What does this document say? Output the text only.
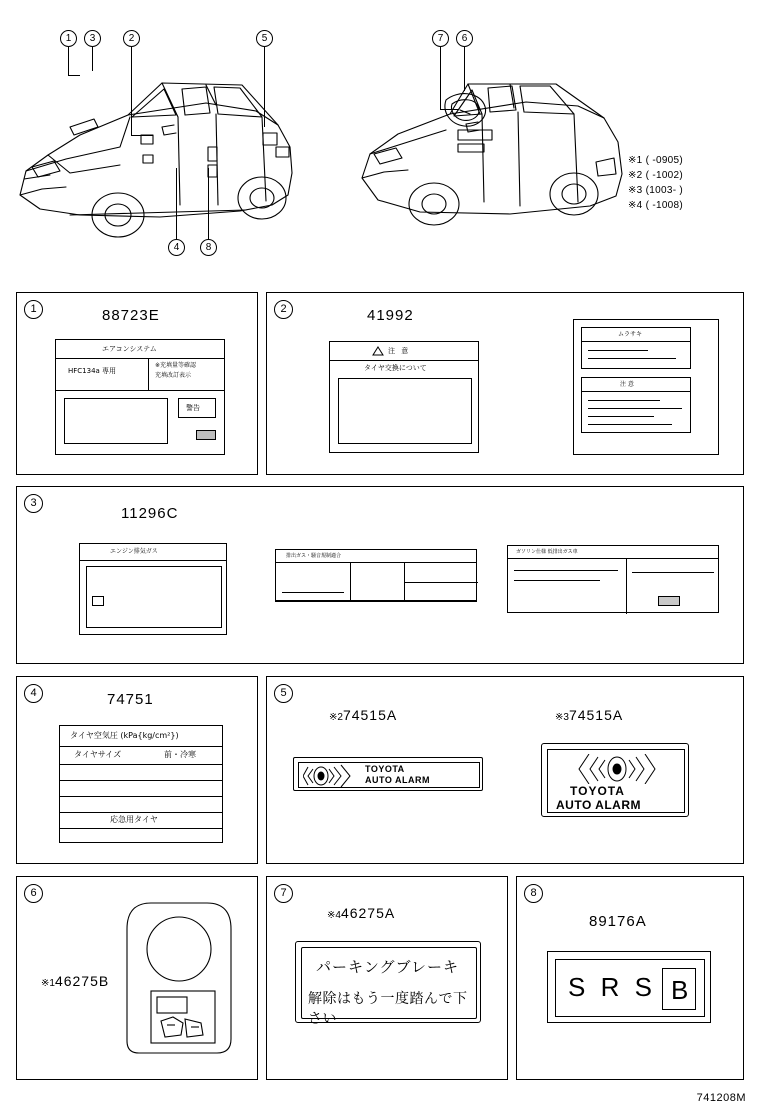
1	3	2	5
4	8
7	6
※1 ( -0905)
※2 ( -1002)
※3 (1003- )
※4 ( -1008)
1	88723E
エアコンシステム
HFC134a 専用
※充填量等確認
充填改訂表示
警告
2	41992
注 意
タイヤ交換について
ムラサキ
注 意
3
11296C
エンジン排気ガス
排出ガス・騒音規制適合
ガソリン仕様 低排出ガス車
4	74751
タイヤ空気圧 (kPa{kg/cm²})
タイヤサイズ	前・冷寒
応急用タイヤ
5
※274515A
TOYOTA
AUTO ALARM
※374515A
TOYOTA
AUTO ALARM
6
※146275B
7
※446275A
パーキングブレーキ
解除はもう一度踏んで下さい
8
89176A
S R S B
741208M
